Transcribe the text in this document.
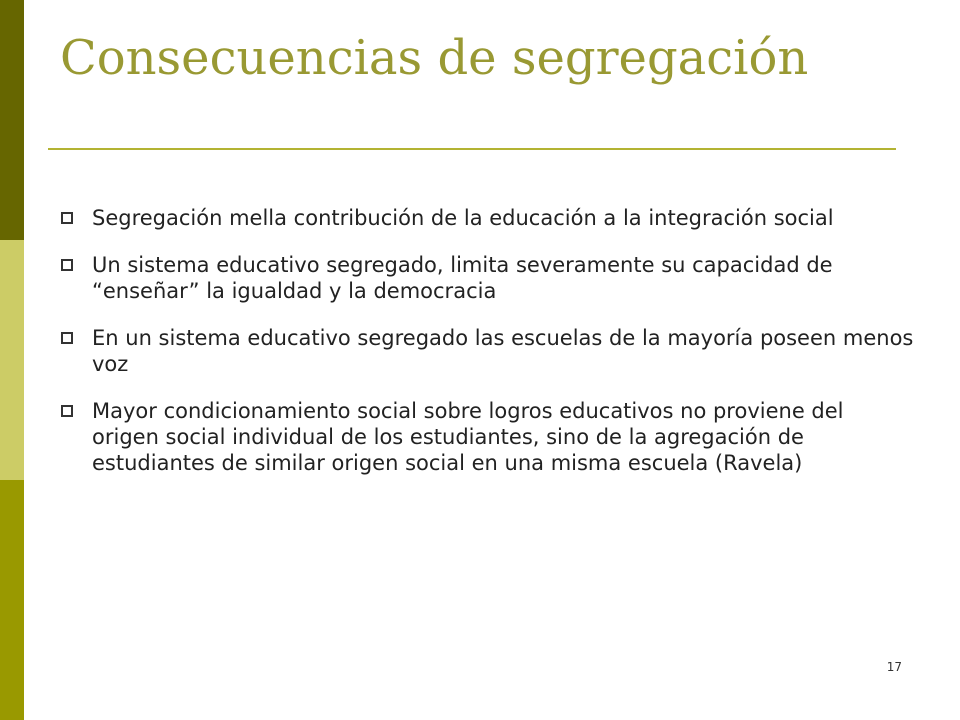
Consecuencias de segregación
Segregación mella contribución de la educación a la integración social
Un sistema educativo segregado, limita severamente su capacidad de “enseñar” la igualdad y la democracia
En un sistema educativo segregado las escuelas de la mayoría poseen menos voz
Mayor condicionamiento social sobre logros educativos no proviene del origen social individual de los estudiantes, sino de la agregación de estudiantes de similar origen social en una misma escuela (Ravela)
17
